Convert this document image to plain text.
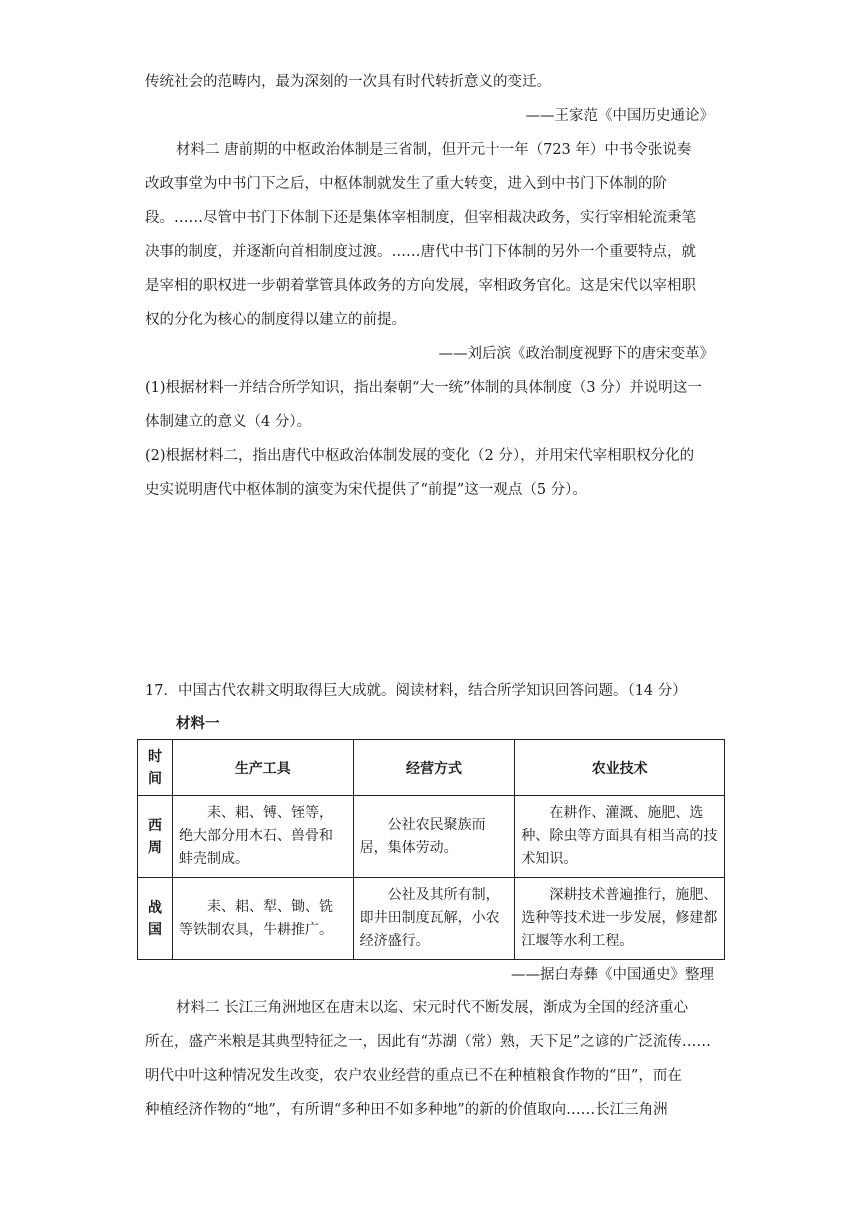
传统社会的范畴内，最为深刻的一次具有时代转折意义的变迁。
——王家范《中国历史通论》
材料二 唐前期的中枢政治体制是三省制，但开元十一年（723 年）中书令张说奏
改政事堂为中书门下之后，中枢体制就发生了重大转变，进入到中书门下体制的阶
段。……尽管中书门下体制下还是集体宰相制度，但宰相裁决政务，实行宰相轮流秉笔
决事的制度，并逐渐向首相制度过渡。……唐代中书门下体制的另外一个重要特点，就
是宰相的职权进一步朝着掌管具体政务的方向发展，宰相政务官化。这是宋代以宰相职
权的分化为核心的制度得以建立的前提。
——刘后滨《政治制度视野下的唐宋变革》
(1)根据材料一并结合所学知识，指出秦朝“大一统”体制的具体制度（3 分）并说明这一
体制建立的意义（4 分）。
(2)根据材料二，指出唐代中枢政治体制发展的变化（2 分），并用宋代宰相职权分化的
史实说明唐代中枢体制的演变为宋代提供了“前提”这一观点（5 分）。
17．中国古代农耕文明取得巨大成就。阅读材料，结合所学知识回答问题。（14 分）
材料一
时间	生产工具	经营方式	农业技术

西周	耒、耜、镈、铚等，绝大部分用木石、兽骨和蚌壳制成。	公社农民聚族而居，集体劳动。	在耕作、灌溉、施肥、选种、除虫等方面具有相当高的技术知识。

战国	耒、耜、犁、锄、铣等铁制农具，牛耕推广。	公社及其所有制，即井田制度瓦解，小农经济盛行。	深耕技术普遍推行，施肥、选种等技术进一步发展，修建都江堰等水利工程。
——据白寿彝《中国通史》整理
材料二 长江三角洲地区在唐末以迄、宋元时代不断发展，渐成为全国的经济重心
所在，盛产米粮是其典型特征之一，因此有“苏湖（常）熟，天下足”之谚的广泛流传……
明代中叶这种情况发生改变，农户农业经营的重点已不在种植粮食作物的“田”，而在
种植经济作物的“地”，有所谓“多种田不如多种地”的新的价值取向……长江三角洲
